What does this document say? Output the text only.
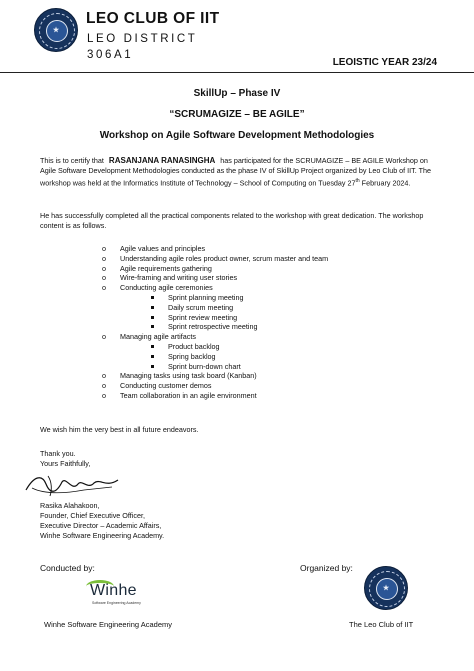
★
LEO CLUB OF IIT
LEO DISTRICT
306A1
LEOISTIC YEAR 23/24
SkillUp – Phase IV
“SCRUMAGIZE – BE AGILE”
Workshop on Agile Software Development Methodologies
This is to certify that RASANJANA RANASINGHA has participated for the SCRUMAGIZE – BE AGILE Workshop on Agile Software Development Methodologies conducted as the phase IV of SkillUp Project organized by Leo Club of IIT. The workshop was held at the Informatics Institute of Technology – School of Computing on Tuesday 27th February 2024.
He has successfully completed all the practical components related to the workshop with great dedication. The workshop content is as follows.
o Agile values and principles
o Understanding agile roles product owner, scrum master and team
o Agile requirements gathering
o Wire-framing and writing user stories
o Conducting agile ceremonies
Sprint planning meeting
Daily scrum meeting
Sprint review meeting
Sprint retrospective meeting
o Managing agile artifacts
Product backlog
Spring backlog
Sprint burn-down chart
o Managing tasks using task board (Kanban)
o Conducting customer demos
o Team collaboration in an agile environment
We wish him the very best in all future endeavors.
Thank you.
Yours Faithfully,
Rasika Alahakoon,
Founder, Chief Executive Officer,
Executive Director – Academic Affairs,
Winhe Software Engineering Academy.
Conducted by:	Organized by:
Winhe
Software Engineering Academy
★
Winhe Software Engineering Academy	The Leo Club of IIT
